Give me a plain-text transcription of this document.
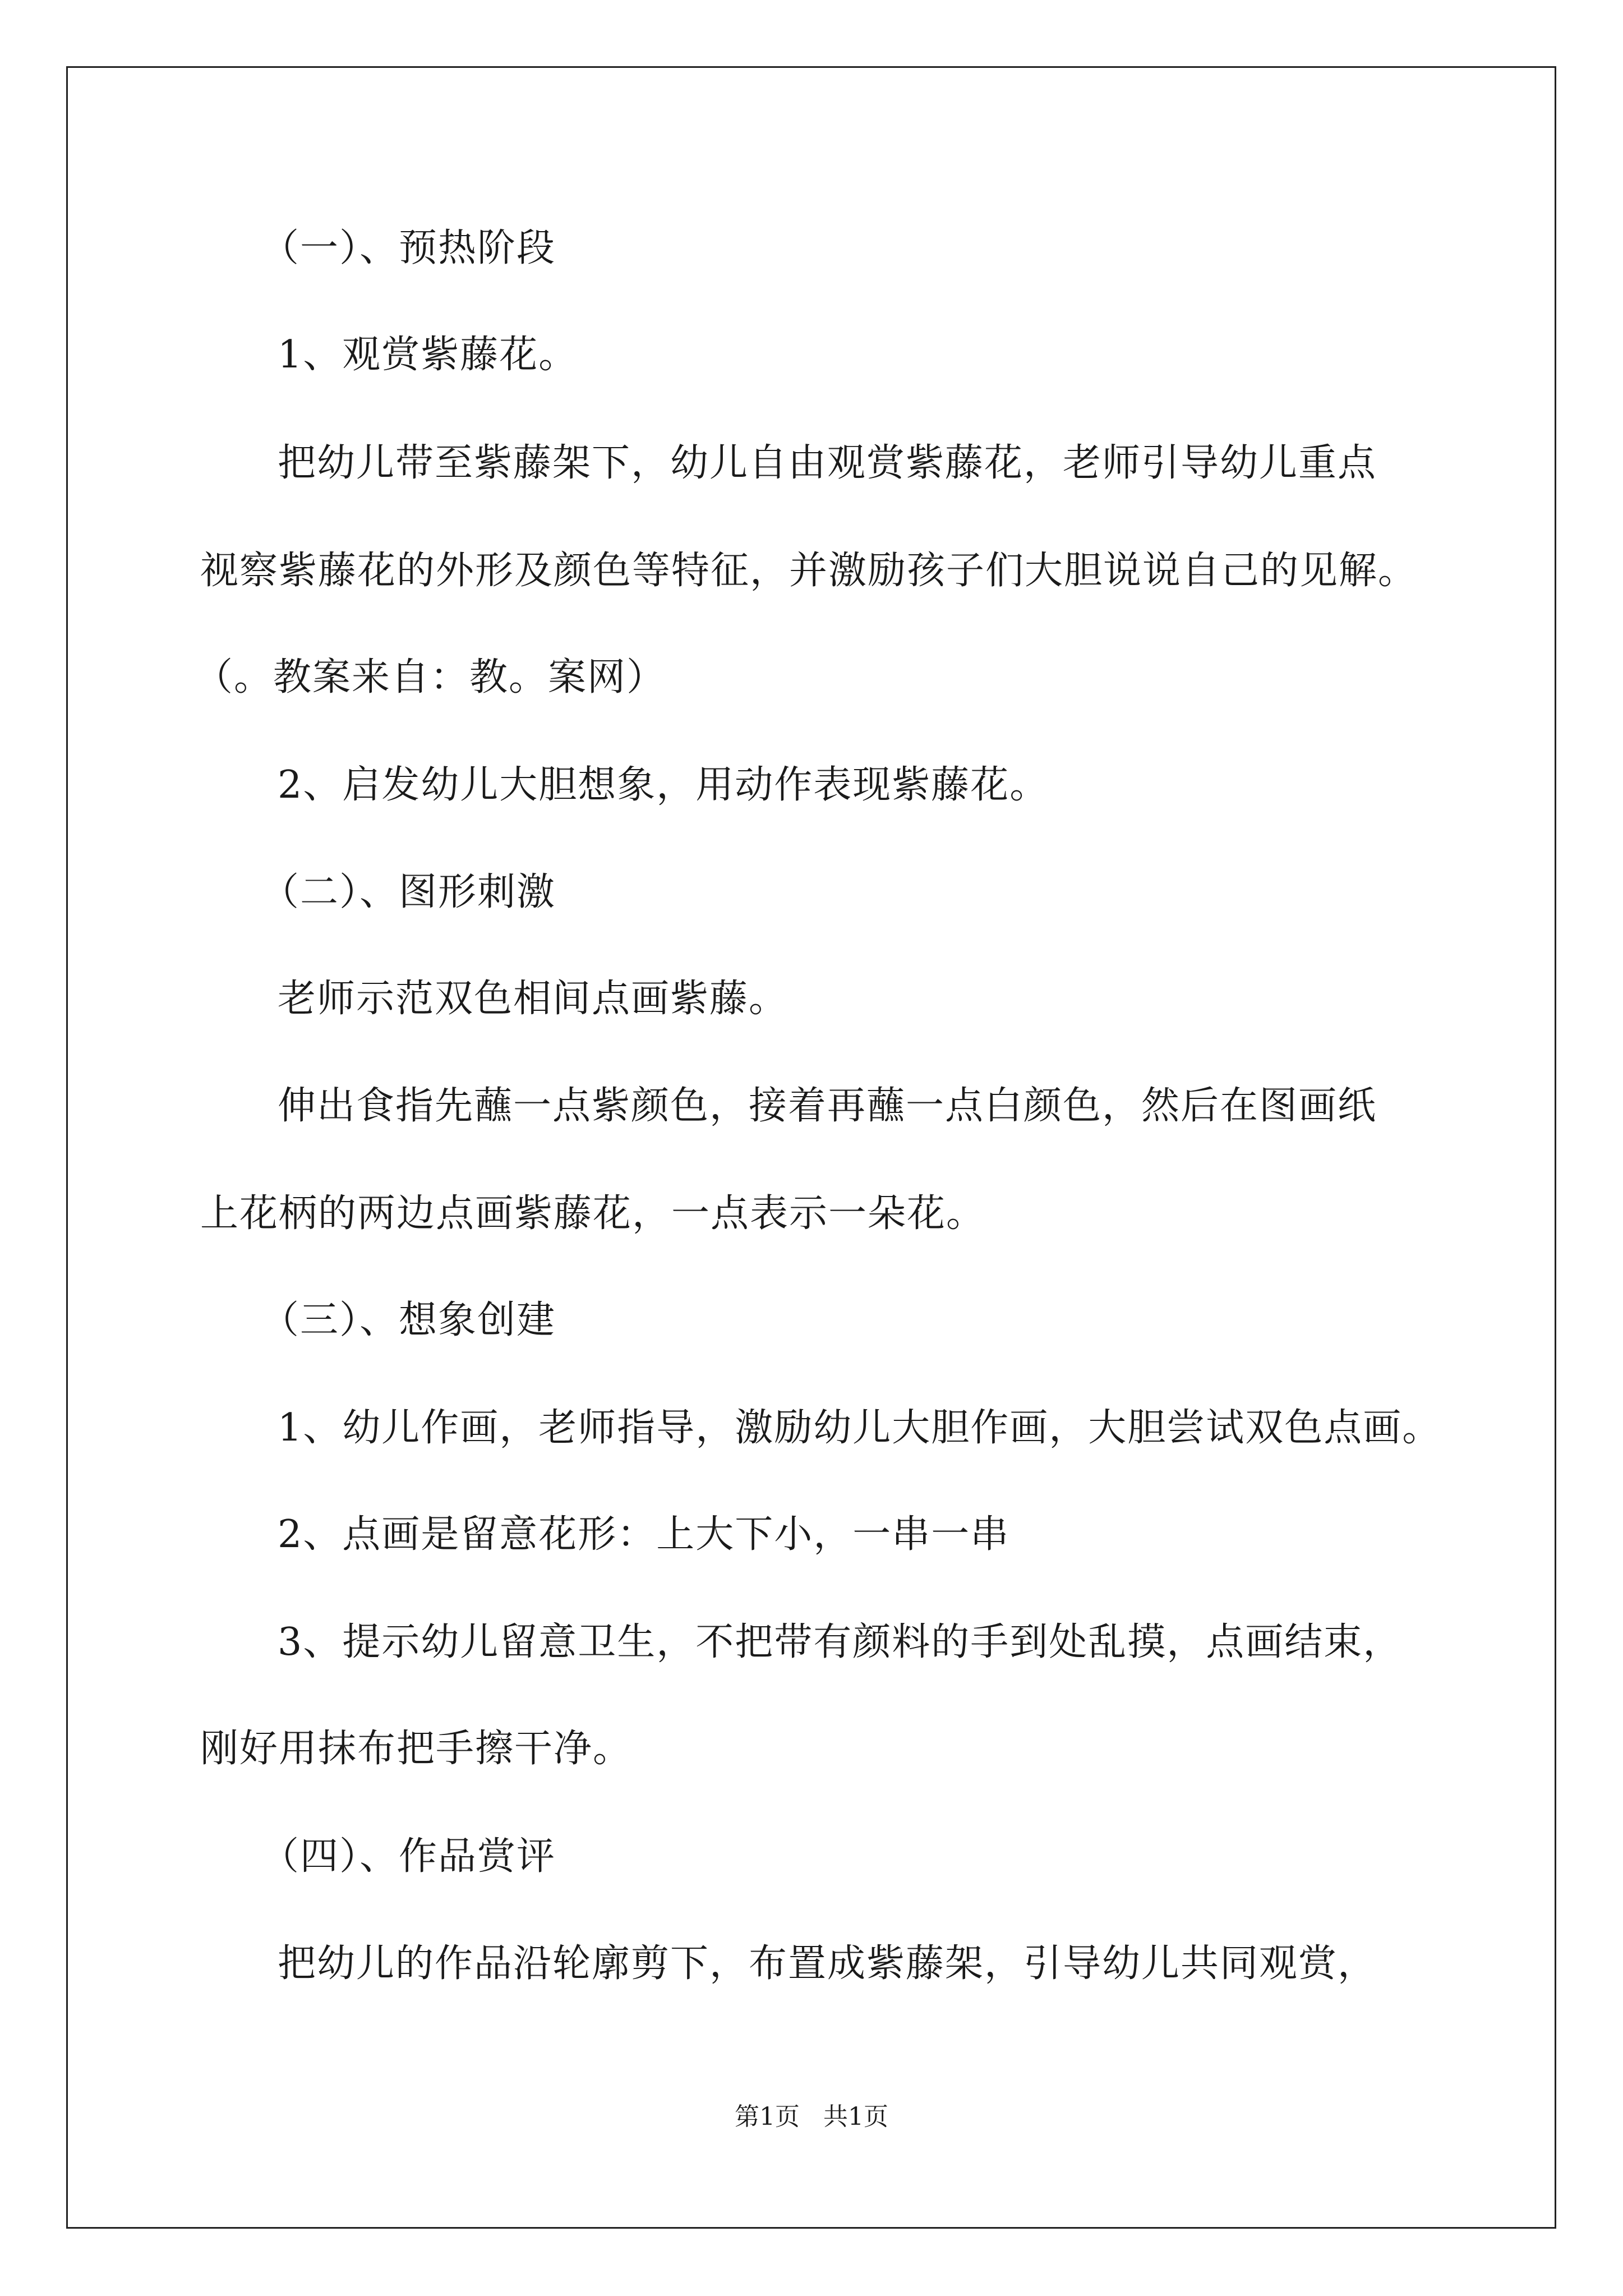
（一）、预热阶段
1、观赏紫藤花。
把幼儿带至紫藤架下，幼儿自由观赏紫藤花，老师引导幼儿重点
视察紫藤花的外形及颜色等特征，并激励孩子们大胆说说自己的见解。
（。教案来自：教。案网）
2、启发幼儿大胆想象，用动作表现紫藤花。
（二）、图形刺激
老师示范双色相间点画紫藤。
伸出食指先蘸一点紫颜色，接着再蘸一点白颜色，然后在图画纸
上花柄的两边点画紫藤花，一点表示一朵花。
（三）、想象创建
1、幼儿作画，老师指导，激励幼儿大胆作画，大胆尝试双色点画。
2、点画是留意花形：上大下小，一串一串
3、提示幼儿留意卫生，不把带有颜料的手到处乱摸，点画结束，
刚好用抹布把手擦干净。
（四）、作品赏评
把幼儿的作品沿轮廓剪下，布置成紫藤架，引导幼儿共同观赏，
第1页 共1页
